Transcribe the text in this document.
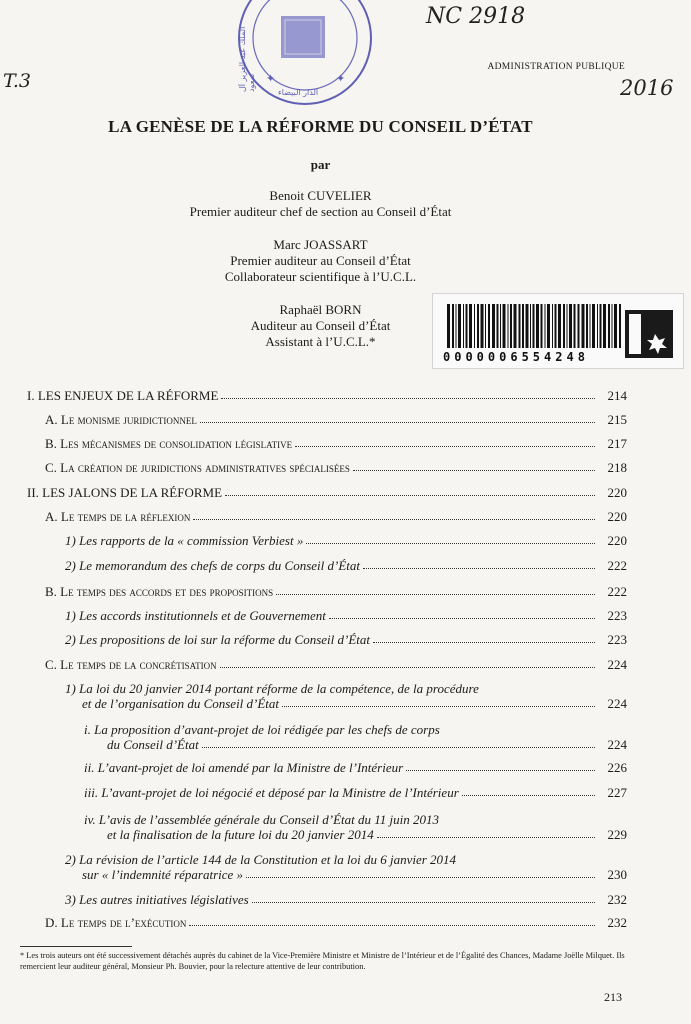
✦
✦
الملك عبد العزيز آل سعود
الدار البيضاء
NC 2918
T.3	2016
ADMINISTRATION PUBLIQUE
LA GENÈSE DE LA RÉFORME DU CONSEIL D’ÉTAT
par
Benoit CUVELIER
Premier auditeur chef de section au Conseil d’État
Marc JOASSART
Premier auditeur au Conseil d’État
Collaborateur scientifique à l’U.C.L.
Raphaël BORN
Auditeur au Conseil d’État
Assistant à l’U.C.L.*
0000006554248
I. LES ENJEUX DE LA RÉFORME	214
A. Le monisme juridictionnel	215
B. Les mécanismes de consolidation législative	217
C. La création de juridictions administratives spécialisées	218
II. LES JALONS DE LA RÉFORME	220
A. Le temps de la réflexion	220
1) Les rapports de la « commission Verbiest »	220
2) Le memorandum des chefs de corps du Conseil d’État	222
B. Le temps des accords et des propositions	222
1) Les accords institutionnels et de Gouvernement	223
2) Les propositions de loi sur la réforme du Conseil d’État	223
C. Le temps de la concrétisation	224
1) La loi du 20 janvier 2014 portant réforme de la compétence, de la procédure
et de l’organisation du Conseil d’État	224
i. La proposition d’avant-projet de loi rédigée par les chefs de corps
du Conseil d’État	224
ii. L’avant-projet de loi amendé par la Ministre de l’Intérieur	226
iii. L’avant-projet de loi négocié et déposé par la Ministre de l’Intérieur	227
iv. L’avis de l’assemblée générale du Conseil d’État du 11 juin 2013
et la finalisation de la future loi du 20 janvier 2014	229
2) La révision de l’article 144 de la Constitution et la loi du 6 janvier 2014
sur « l’indemnité réparatrice »	230
3) Les autres initiatives législatives	232
D. Le temps de l’exécution	232
* Les trois auteurs ont été successivement détachés auprès du cabinet de la Vice-Première Ministre et Ministre de l’Intérieur et de l’Égalité des Chances, Madame Joëlle Milquet. Ils remercient leur auditeur général, Monsieur Ph. Bouvier, pour la relecture attentive de leur contribution.
213
